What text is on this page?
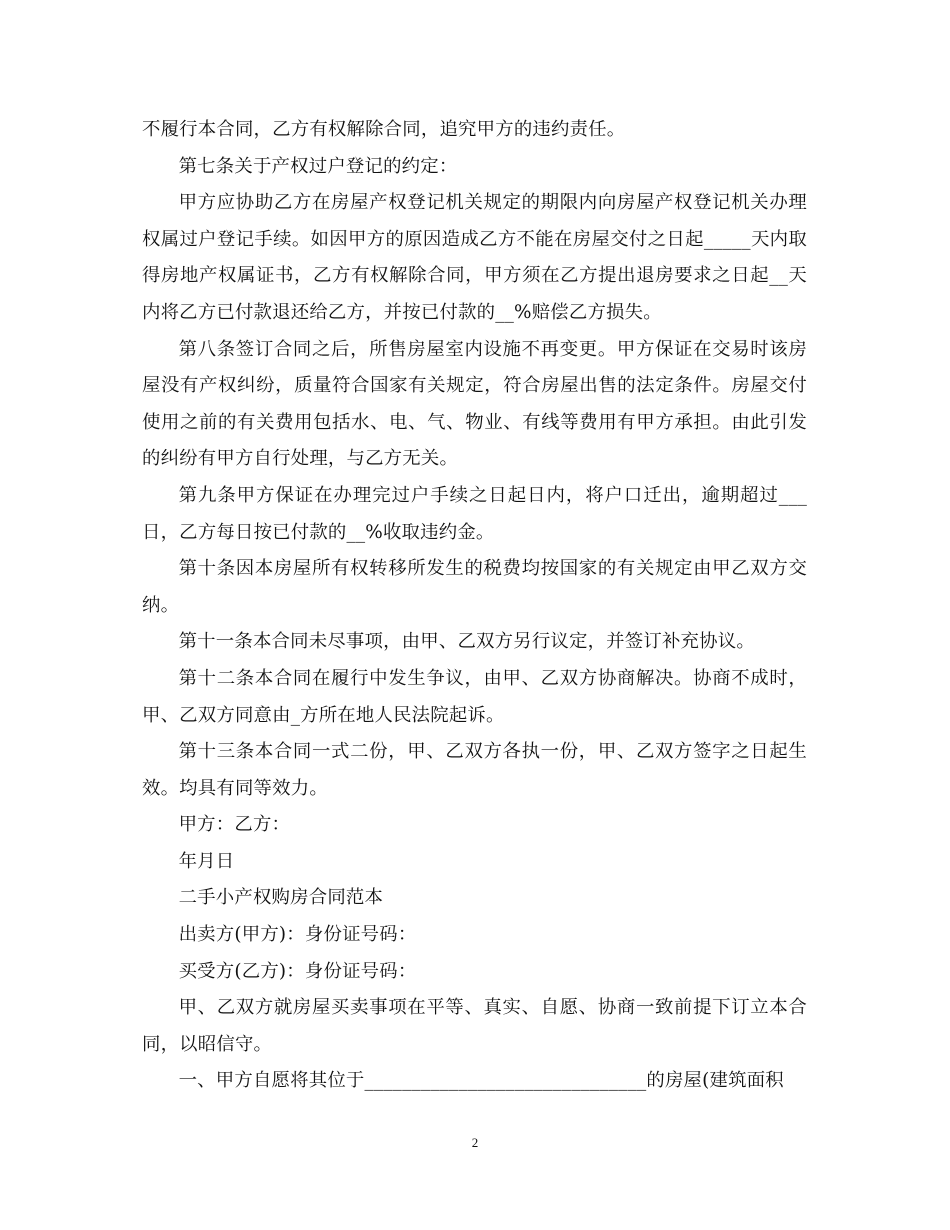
不履行本合同，乙方有权解除合同，追究甲方的违约责任。

第七条关于产权过户登记的约定：

甲方应协助乙方在房屋产权登记机关规定的期限内向房屋产权登记机关办理权属过户登记手续。如因甲方的原因造成乙方不能在房屋交付之日起_____天内取得房地产权属证书，乙方有权解除合同，甲方须在乙方提出退房要求之日起__天内将乙方已付款退还给乙方，并按已付款的__%赔偿乙方损失。

第八条签订合同之后，所售房屋室内设施不再变更。甲方保证在交易时该房屋没有产权纠纷，质量符合国家有关规定，符合房屋出售的法定条件。房屋交付使用之前的有关费用包括水、电、气、物业、有线等费用有甲方承担。由此引发的纠纷有甲方自行处理，与乙方无关。

第九条甲方保证在办理完过户手续之日起日内，将户口迁出，逾期超过___日，乙方每日按已付款的__%收取违约金。

第十条因本房屋所有权转移所发生的税费均按国家的有关规定由甲乙双方交纳。

第十一条本合同未尽事项，由甲、乙双方另行议定，并签订补充协议。

第十二条本合同在履行中发生争议，由甲、乙双方协商解决。协商不成时，甲、乙双方同意由_方所在地人民法院起诉。

第十三条本合同一式二份，甲、乙双方各执一份，甲、乙双方签字之日起生效。均具有同等效力。

甲方：乙方：

年月日

二手小产权购房合同范本

出卖方(甲方)：身份证号码：

买受方(乙方)：身份证号码：

甲、乙双方就房屋买卖事项在平等、真实、自愿、协商一致前提下订立本合同，以昭信守。

一、甲方自愿将其位于______________________________的房屋(建筑面积

2
